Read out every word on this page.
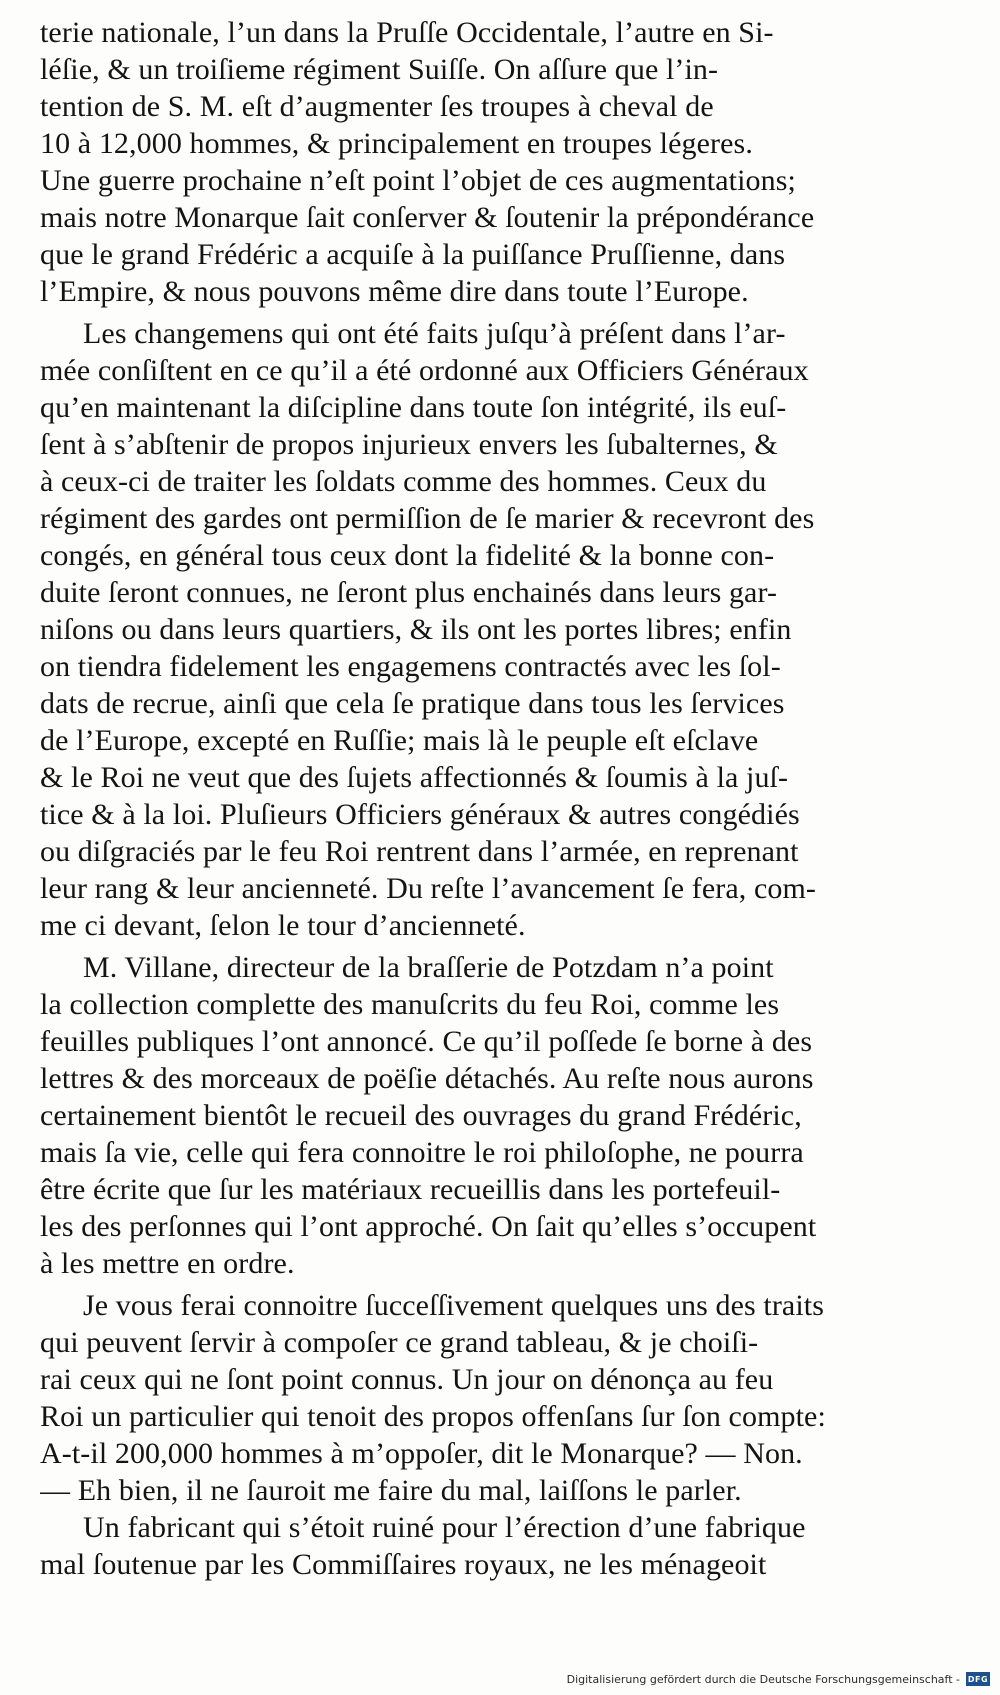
terie nationale, l’un dans la Pruſſe Occidentale, l’autre en Si-
léſie, & un troiſieme régiment Suiſſe. On aſſure que l’in-
tention de S. M. eſt d’augmenter ſes troupes à cheval de
10 à 12,000 hommes, & principalement en troupes légeres.
Une guerre prochaine n’eſt point l’objet de ces augmentations;
mais notre Monarque ſait conſerver & ſoutenir la prépondérance
que le grand Frédéric a acquiſe à la puiſſance Pruſſienne, dans
l’Empire, & nous pouvons même dire dans toute l’Europe.
Les changemens qui ont été faits juſqu’à préſent dans l’ar-
mée conſiſtent en ce qu’il a été ordonné aux Officiers Généraux
qu’en maintenant la diſcipline dans toute ſon intégrité, ils euſ-
ſent à s’abſtenir de propos injurieux envers les ſubalternes, &
à ceux-ci de traiter les ſoldats comme des hommes. Ceux du
régiment des gardes ont permiſſion de ſe marier & recevront des
congés, en général tous ceux dont la fidelité & la bonne con-
duite ſeront connues, ne ſeront plus enchainés dans leurs gar-
niſons ou dans leurs quartiers, & ils ont les portes libres; enfin
on tiendra fidelement les engagemens contractés avec les ſol-
dats de recrue, ainſi que cela ſe pratique dans tous les ſervices
de l’Europe, excepté en Ruſſie; mais là le peuple eſt eſclave
& le Roi ne veut que des ſujets affectionnés & ſoumis à la juſ-
tice & à la loi. Pluſieurs Officiers généraux & autres congédiés
ou diſgraciés par le feu Roi rentrent dans l’armée, en reprenant
leur rang & leur ancienneté. Du reſte l’avancement ſe fera, com-
me ci devant, ſelon le tour d’ancienneté.
M. Villane, directeur de la braſſerie de Potzdam n’a point
la collection complette des manuſcrits du feu Roi, comme les
feuilles publiques l’ont annoncé. Ce qu’il poſſede ſe borne à des
lettres & des morceaux de poëſie détachés. Au reſte nous aurons
certainement bientôt le recueil des ouvrages du grand Frédéric,
mais ſa vie, celle qui fera connoitre le roi philoſophe, ne pourra
être écrite que ſur les matériaux recueillis dans les portefeuil-
les des perſonnes qui l’ont approché. On ſait qu’elles s’occupent
à les mettre en ordre.
Je vous ferai connoitre ſucceſſivement quelques uns des traits
qui peuvent ſervir à compoſer ce grand tableau, & je choiſi-
rai ceux qui ne ſont point connus. Un jour on dénonça au feu
Roi un particulier qui tenoit des propos offenſans ſur ſon compte:
A-t-il 200,000 hommes à m’oppoſer, dit le Monarque? — Non.
— Eh bien, il ne ſauroit me faire du mal, laiſſons le parler.
Un fabricant qui s’étoit ruiné pour l’érection d’une fabrique
mal ſoutenue par les Commiſſaires royaux, ne les ménageoit
Digitalisierung gefördert durch die Deutsche Forschungsgemeinschaft - DFG
